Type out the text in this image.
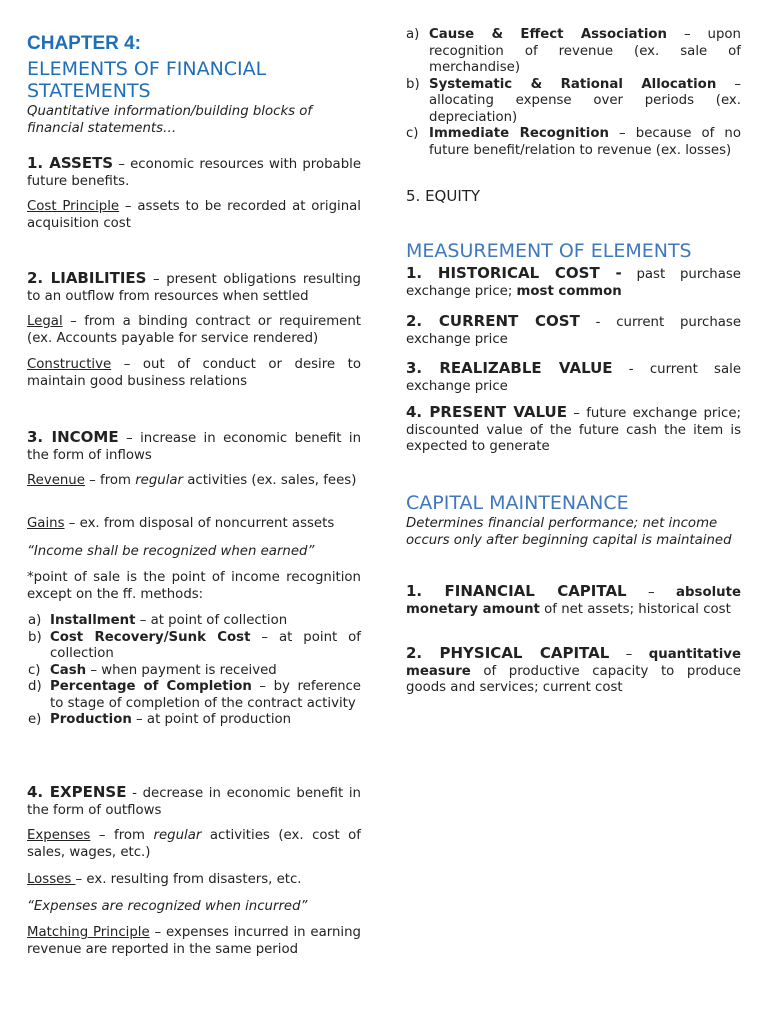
CHAPTER 4:
ELEMENTS OF FINANCIAL STATEMENTS
Quantitative information/building blocks of financial statements…
1. ASSETS – economic resources with probable future benefits.
Cost Principle – assets to be recorded at original acquisition cost
2. LIABILITIES – present obligations resulting to an outflow from resources when settled
Legal – from a binding contract or requirement (ex. Accounts payable for service rendered)
Constructive – out of conduct or desire to maintain good business relations
3. INCOME – increase in economic benefit in the form of inflows
Revenue – from regular activities (ex. sales, fees)
Gains – ex. from disposal of noncurrent assets
“Income shall be recognized when earned”
*point of sale is the point of income recognition except on the ff. methods:
a) Installment – at point of collection
b) Cost Recovery/Sunk Cost – at point of collection
c) Cash – when payment is received
d) Percentage of Completion – by reference to stage of completion of the contract activity
e) Production – at point of production
4. EXPENSE - decrease in economic benefit in the form of outflows
Expenses – from regular activities (ex. cost of sales, wages, etc.)
Losses – ex. resulting from disasters, etc.
“Expenses are recognized when incurred”
Matching Principle – expenses incurred in earning revenue are reported in the same period
a) Cause & Effect Association – upon recognition of revenue (ex. sale of merchandise)
b) Systematic & Rational Allocation – allocating expense over periods (ex. depreciation)
c) Immediate Recognition – because of no future benefit/relation to revenue (ex. losses)
5. EQUITY
MEASUREMENT OF ELEMENTS
1. HISTORICAL COST - past purchase exchange price; most common
2. CURRENT COST - current purchase exchange price
3. REALIZABLE VALUE - current sale exchange price
4. PRESENT VALUE – future exchange price; discounted value of the future cash the item is expected to generate
CAPITAL MAINTENANCE
Determines financial performance; net income occurs only after beginning capital is maintained
1. FINANCIAL CAPITAL – absolute monetary amount of net assets; historical cost
2. PHYSICAL CAPITAL – quantitative measure of productive capacity to produce goods and services; current cost
